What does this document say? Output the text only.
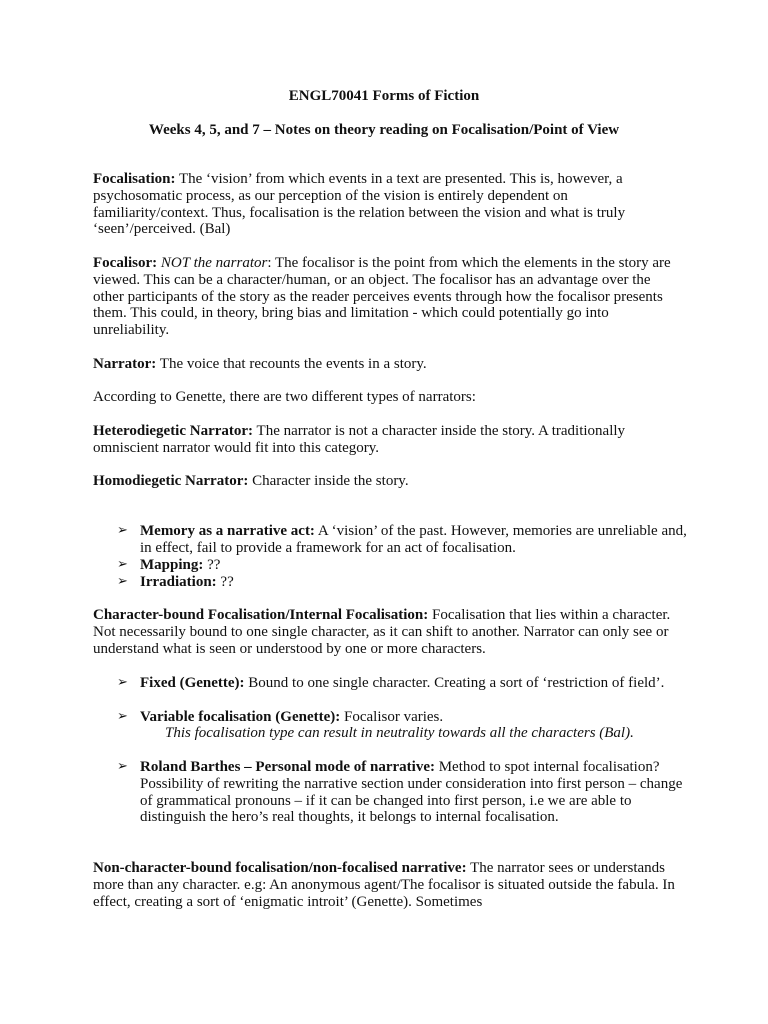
ENGL70041 Forms of Fiction
Weeks 4, 5, and 7 – Notes on theory reading on Focalisation/Point of View
Focalisation: The ‘vision’ from which events in a text are presented. This is, however, a psychosomatic process, as our perception of the vision is entirely dependent on familiarity/context. Thus, focalisation is the relation between the vision and what is truly ‘seen’/perceived. (Bal)
Focalisor: NOT the narrator: The focalisor is the point from which the elements in the story are viewed. This can be a character/human, or an object. The focalisor has an advantage over the other participants of the story as the reader perceives events through how the focalisor presents them. This could, in theory, bring bias and limitation - which could potentially go into unreliability.
Narrator: The voice that recounts the events in a story.
According to Genette, there are two different types of narrators:
Heterodiegetic Narrator: The narrator is not a character inside the story. A traditionally omniscient narrator would fit into this category.
Homodiegetic Narrator: Character inside the story.
➢ Memory as a narrative act: A ‘vision’ of the past. However, memories are unreliable and, in effect, fail to provide a framework for an act of focalisation.
➢ Mapping: ??
➢ Irradiation: ??
Character-bound Focalisation/Internal Focalisation: Focalisation that lies within a character. Not necessarily bound to one single character, as it can shift to another. Narrator can only see or understand what is seen or understood by one or more characters.
➢ Fixed (Genette): Bound to one single character. Creating a sort of ‘restriction of field’.
➢ Variable focalisation (Genette): Focalisor varies.
This focalisation type can result in neutrality towards all the characters (Bal).
➢ Roland Barthes – Personal mode of narrative: Method to spot internal focalisation? Possibility of rewriting the narrative section under consideration into first person – change of grammatical pronouns – if it can be changed into first person, i.e we are able to distinguish the hero’s real thoughts, it belongs to internal focalisation.
Non-character-bound focalisation/non-focalised narrative: The narrator sees or understands more than any character. e.g: An anonymous agent/The focalisor is situated outside the fabula. In effect, creating a sort of ‘enigmatic introit’ (Genette). Sometimes
